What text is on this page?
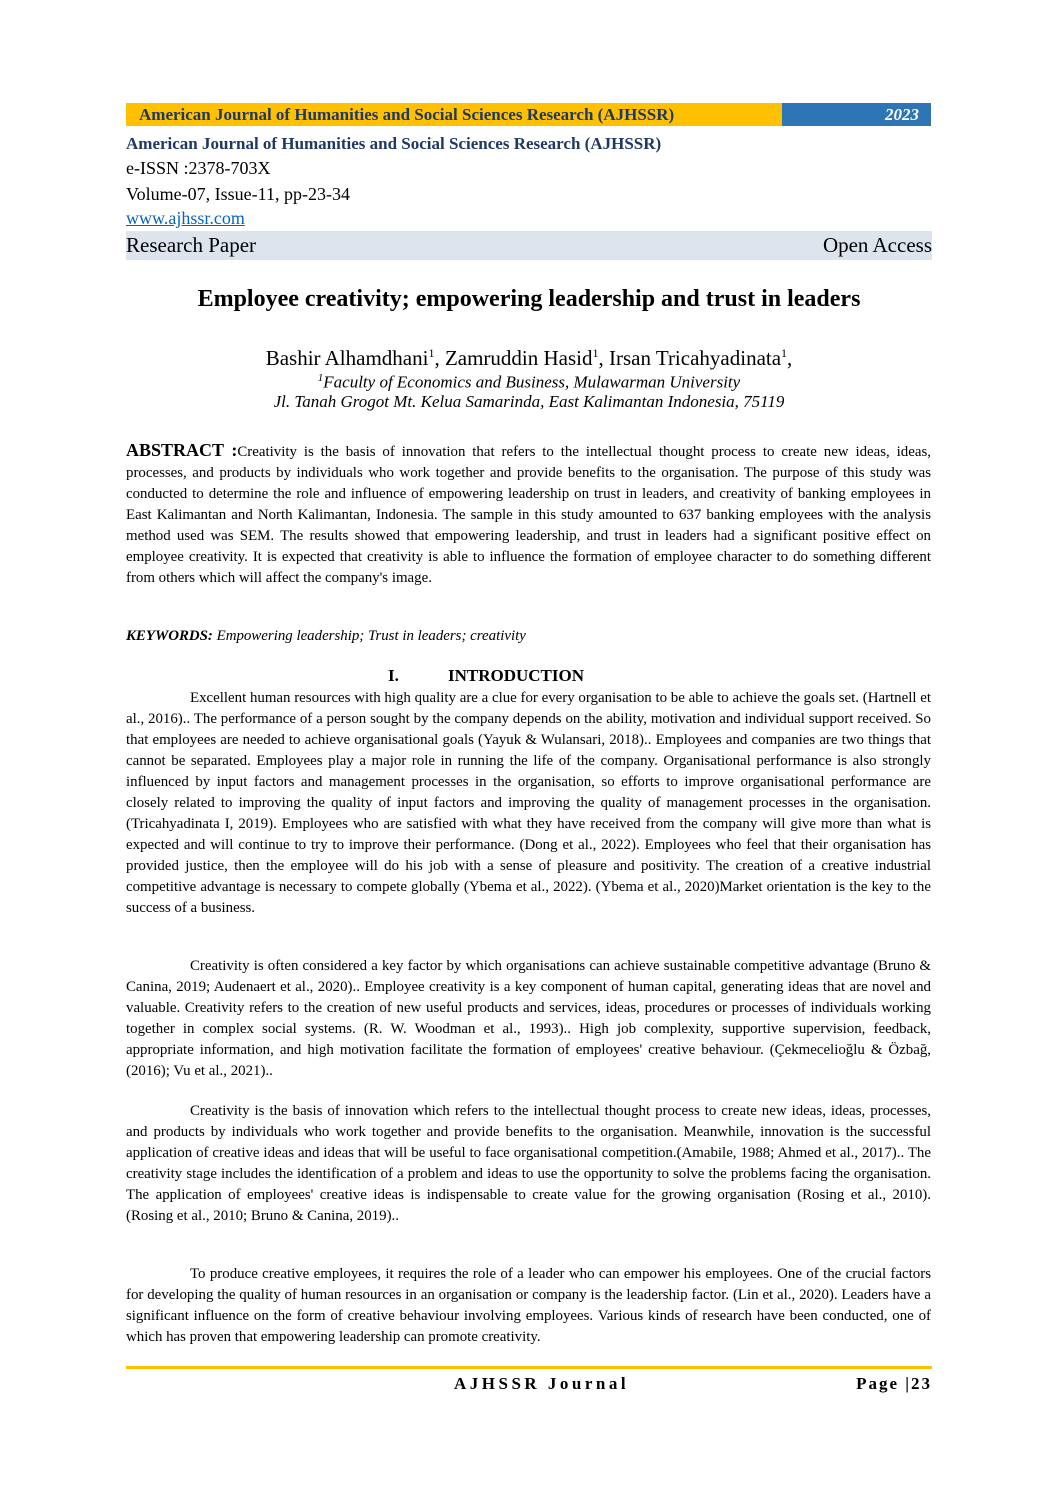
American Journal of Humanities and Social Sciences Research (AJHSSR)	2023
American Journal of Humanities and Social Sciences Research (AJHSSR)
e-ISSN :2378-703X
Volume-07, Issue-11, pp-23-34
www.ajhssr.com
Research Paper	Open Access
Employee creativity; empowering leadership and trust in leaders
Bashir Alhamdhani$^1$, Zamruddin Hasid$^1$, Irsan Tricahyadinata$^1$,
$^1$Faculty of Economics and Business, Mulawarman University
Jl. Tanah Grogot Mt. Kelua Samarinda, East Kalimantan Indonesia, 75119
ABSTRACT :Creativity is the basis of innovation that refers to the intellectual thought process to create new ideas, ideas, processes, and products by individuals who work together and provide benefits to the organisation. The purpose of this study was conducted to determine the role and influence of empowering leadership on trust in leaders, and creativity of banking employees in East Kalimantan and North Kalimantan, Indonesia. The sample in this study amounted to 637 banking employees with the analysis method used was SEM. The results showed that empowering leadership, and trust in leaders had a significant positive effect on employee creativity. It is expected that creativity is able to influence the formation of employee character to do something different from others which will affect the company's image.
KEYWORDS: Empowering leadership; Trust in leaders; creativity
I.	INTRODUCTION
Excellent human resources with high quality are a clue for every organisation to be able to achieve the goals set. (Hartnell et al., 2016).. The performance of a person sought by the company depends on the ability, motivation and individual support received. So that employees are needed to achieve organisational goals (Yayuk & Wulansari, 2018).. Employees and companies are two things that cannot be separated. Employees play a major role in running the life of the company. Organisational performance is also strongly influenced by input factors and management processes in the organisation, so efforts to improve organisational performance are closely related to improving the quality of input factors and improving the quality of management processes in the organisation. (Tricahyadinata I, 2019). Employees who are satisfied with what they have received from the company will give more than what is expected and will continue to try to improve their performance. (Dong et al., 2022). Employees who feel that their organisation has provided justice, then the employee will do his job with a sense of pleasure and positivity. The creation of a creative industrial competitive advantage is necessary to compete globally (Ybema et al., 2022). (Ybema et al., 2020)Market orientation is the key to the success of a business.
Creativity is often considered a key factor by which organisations can achieve sustainable competitive advantage (Bruno & Canina, 2019; Audenaert et al., 2020).. Employee creativity is a key component of human capital, generating ideas that are novel and valuable. Creativity refers to the creation of new useful products and services, ideas, procedures or processes of individuals working together in complex social systems. (R. W. Woodman et al., 1993).. High job complexity, supportive supervision, feedback, appropriate information, and high motivation facilitate the formation of employees' creative behaviour. (Çekmecelioğlu & Özbağ, (2016); Vu et al., 2021)..
Creativity is the basis of innovation which refers to the intellectual thought process to create new ideas, ideas, processes, and products by individuals who work together and provide benefits to the organisation. Meanwhile, innovation is the successful application of creative ideas and ideas that will be useful to face organisational competition.(Amabile, 1988; Ahmed et al., 2017).. The creativity stage includes the identification of a problem and ideas to use the opportunity to solve the problems facing the organisation. The application of employees' creative ideas is indispensable to create value for the growing organisation (Rosing et al., 2010). (Rosing et al., 2010; Bruno & Canina, 2019)..
To produce creative employees, it requires the role of a leader who can empower his employees. One of the crucial factors for developing the quality of human resources in an organisation or company is the leadership factor. (Lin et al., 2020). Leaders have a significant influence on the form of creative behaviour involving employees. Various kinds of research have been conducted, one of which has proven that empowering leadership can promote creativity.
AJHSSR Journal	Page |23
